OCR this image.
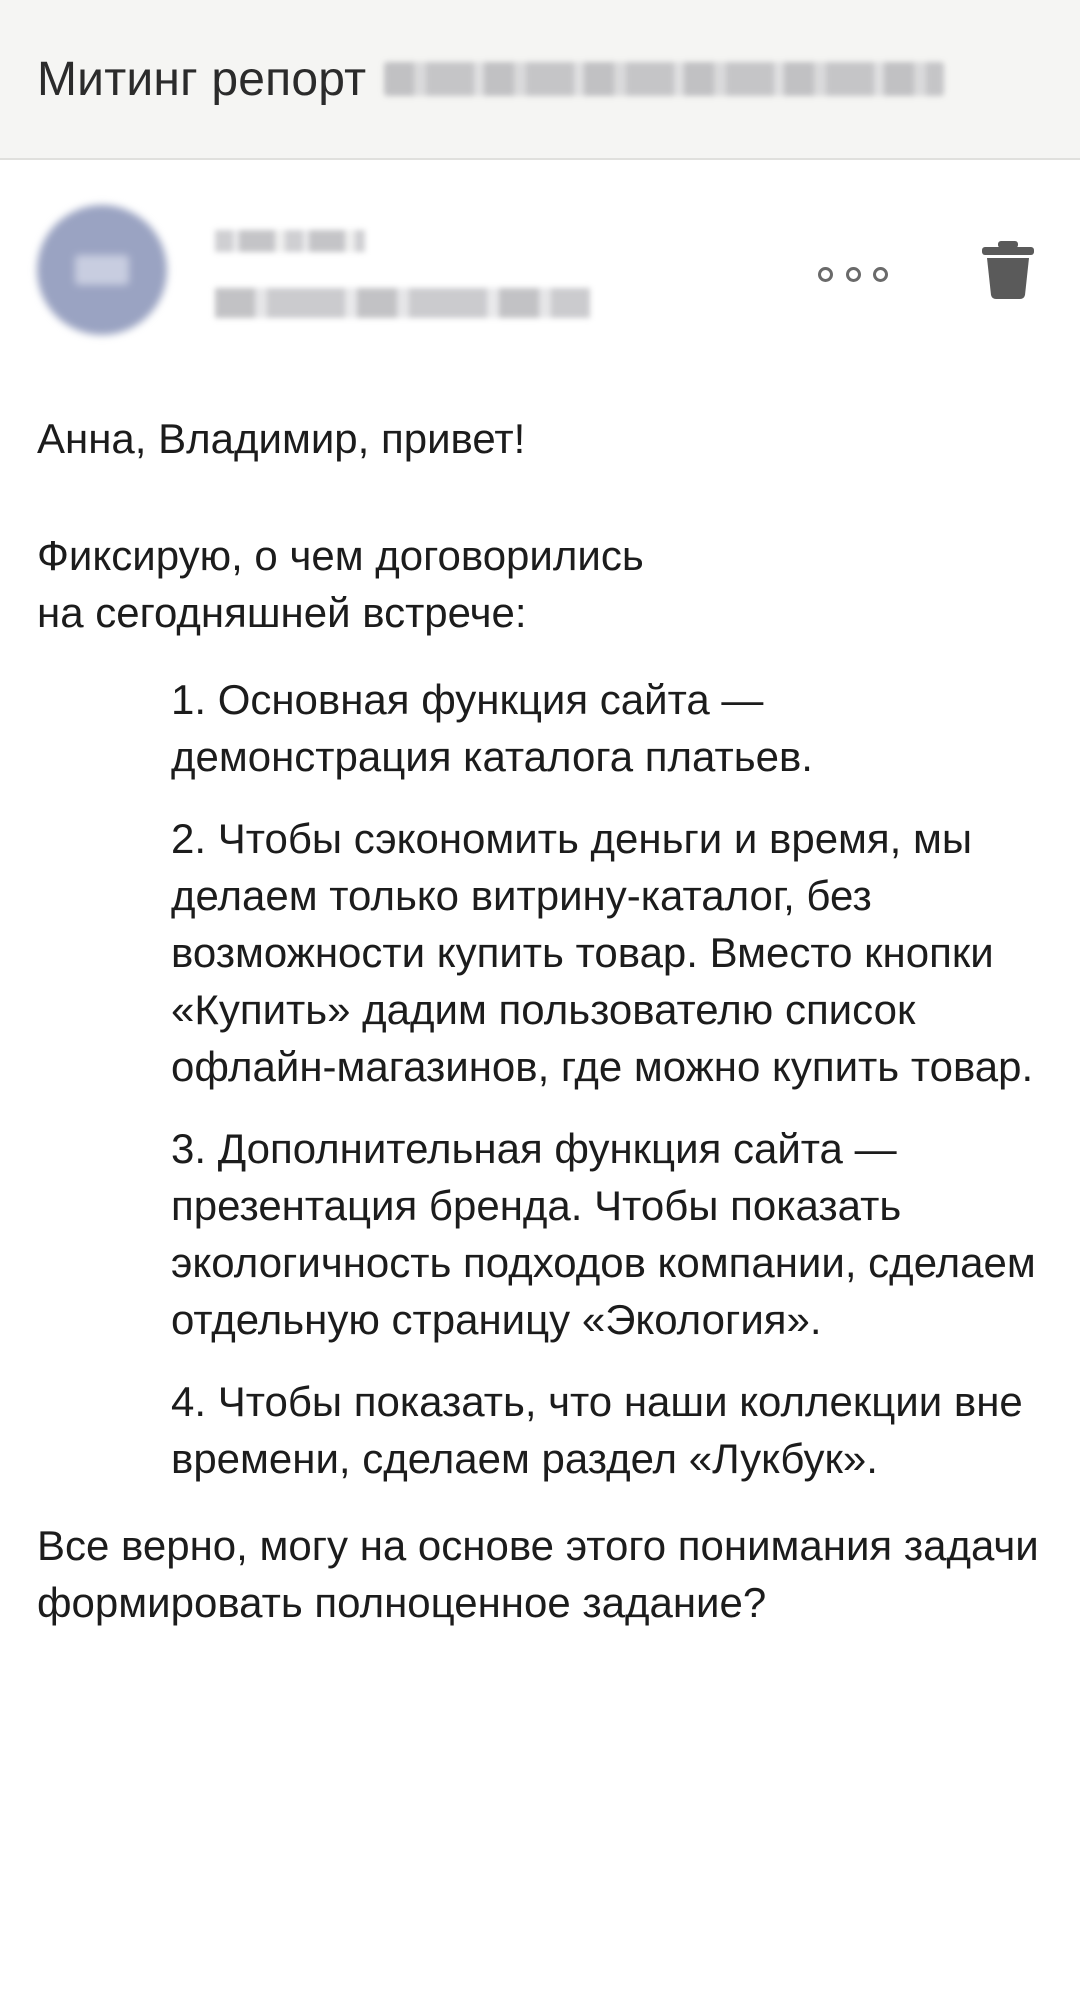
Митинг репорт

Анна, Владимир, привет!

Фиксирую, о чем договорились
на сегодняшней встрече:

1. Основная функция сайта — демонстрация каталога платьев.
2. Чтобы сэкономить деньги и время, мы делаем только витрину-каталог, без возможности купить товар. Вместо кнопки «Купить» дадим пользователю список офлайн-магазинов, где можно купить товар.
3. Дополнительная функция сайта — презентация бренда. Чтобы показать экологичность подходов компании, сделаем отдельную страницу «Экология».
4. Чтобы показать, что наши коллекции вне времени, сделаем раздел «Лукбук».

Все верно, могу на основе этого понимания задачи формировать полноценное задание?
